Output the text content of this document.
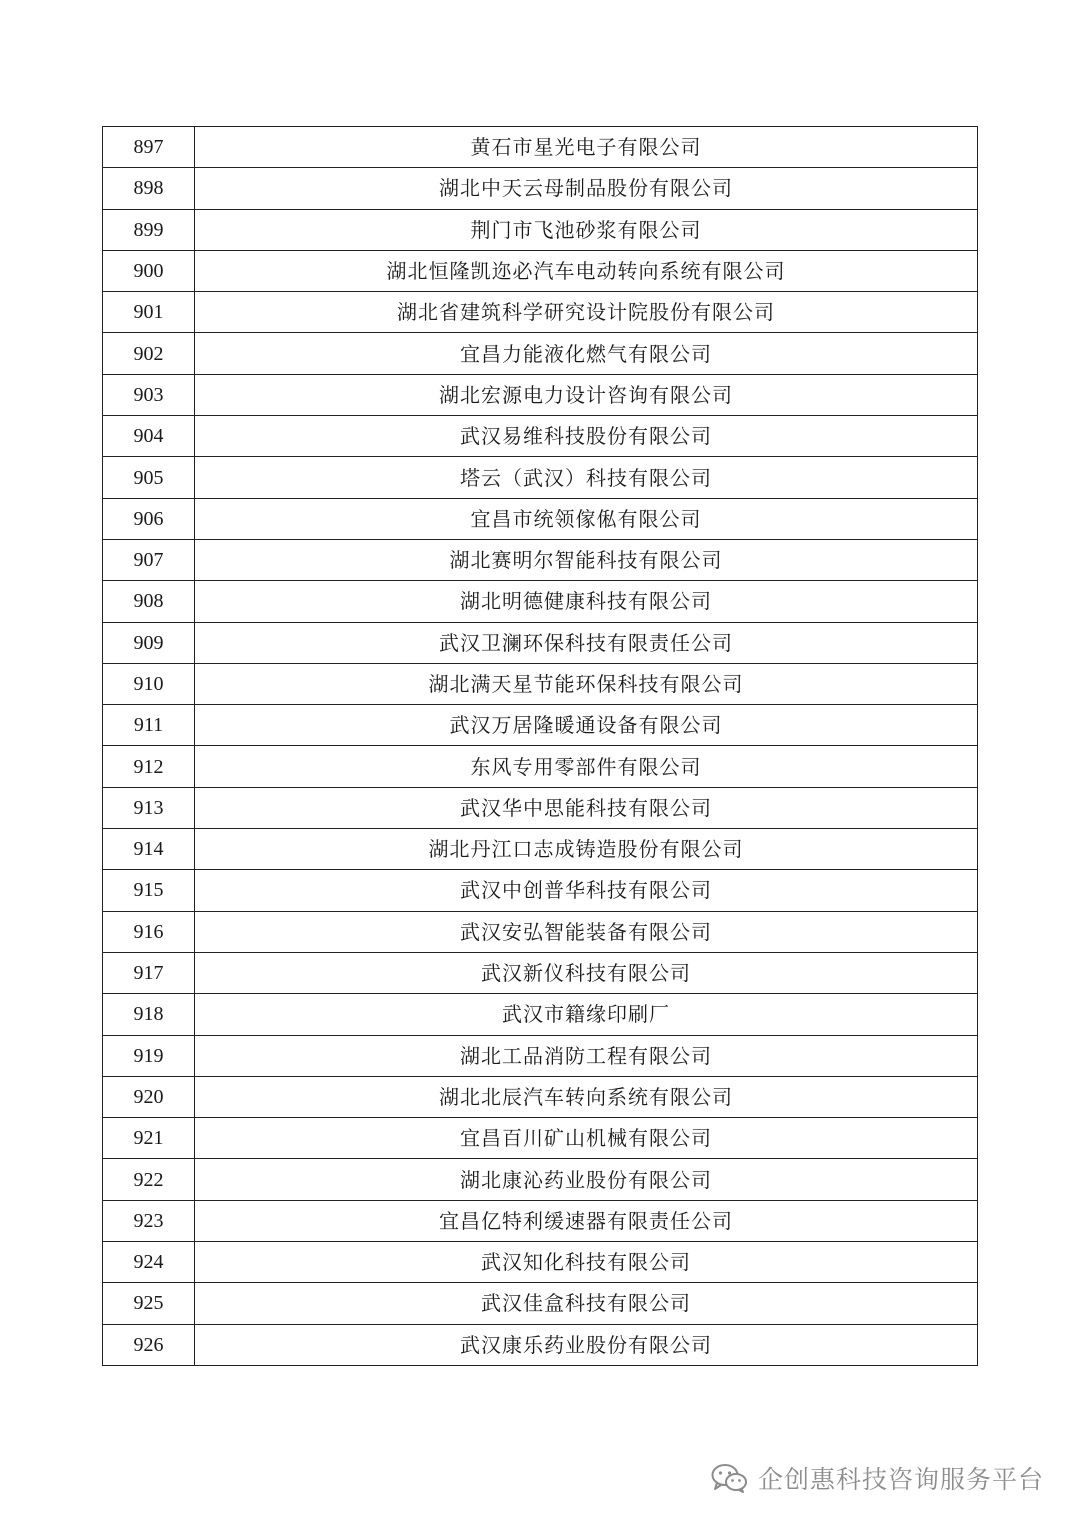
897	黄石市星光电子有限公司
898	湖北中天云母制品股份有限公司
899	荆门市飞池砂浆有限公司
900	湖北恒隆凯迩必汽车电动转向系统有限公司
901	湖北省建筑科学研究设计院股份有限公司
902	宜昌力能液化燃气有限公司
903	湖北宏源电力设计咨询有限公司
904	武汉易维科技股份有限公司
905	塔云（武汉）科技有限公司
906	宜昌市统领傢俬有限公司
907	湖北赛明尔智能科技有限公司
908	湖北明德健康科技有限公司
909	武汉卫澜环保科技有限责任公司
910	湖北满天星节能环保科技有限公司
911	武汉万居隆暖通设备有限公司
912	东风专用零部件有限公司
913	武汉华中思能科技有限公司
914	湖北丹江口志成铸造股份有限公司
915	武汉中创普华科技有限公司
916	武汉安弘智能装备有限公司
917	武汉新仪科技有限公司
918	武汉市籍缘印刷厂
919	湖北工品消防工程有限公司
920	湖北北辰汽车转向系统有限公司
921	宜昌百川矿山机械有限公司
922	湖北康沁药业股份有限公司
923	宜昌亿特利缓速器有限责任公司
924	武汉知化科技有限公司
925	武汉佳盒科技有限公司
926	武汉康乐药业股份有限公司
企创惠科技咨询服务平台
